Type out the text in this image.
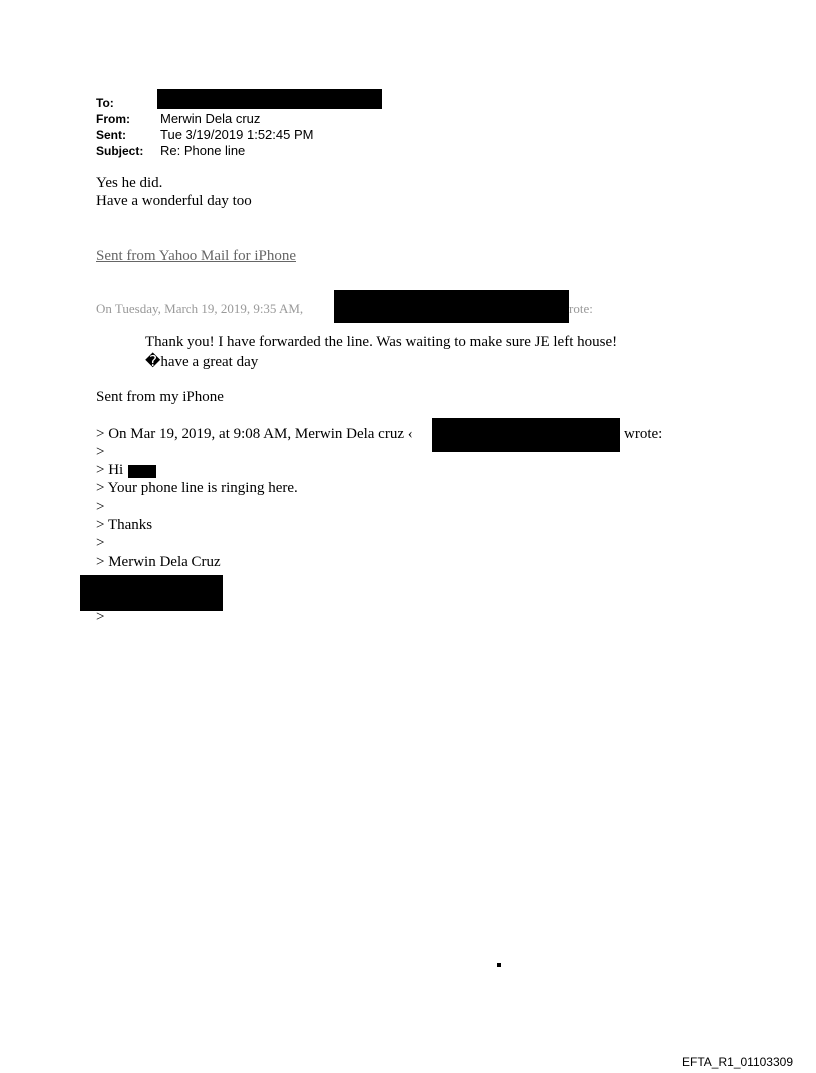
To:
From: Merwin Dela cruz
Sent:	Tue 3/19/2019 1:52:45 PM
Subject: Re: Phone line
Yes he did.
Have a wonderful day too
Sent from Yahoo Mail for iPhone
On Tuesday, March 19, 2019, 9:35 AM,	rote:
Thank you! I have forwarded the line. Was waiting to make sure JE left house!
�have a great day
Sent from my iPhone
> On Mar 19, 2019, at 9:08 AM, Merwin Dela cruz ‹	wrote:
>
> Hi
> Your phone line is ringing here.
>
> Thanks
>
> Merwin Dela Cruz
>
EFTA_R1_01103309
